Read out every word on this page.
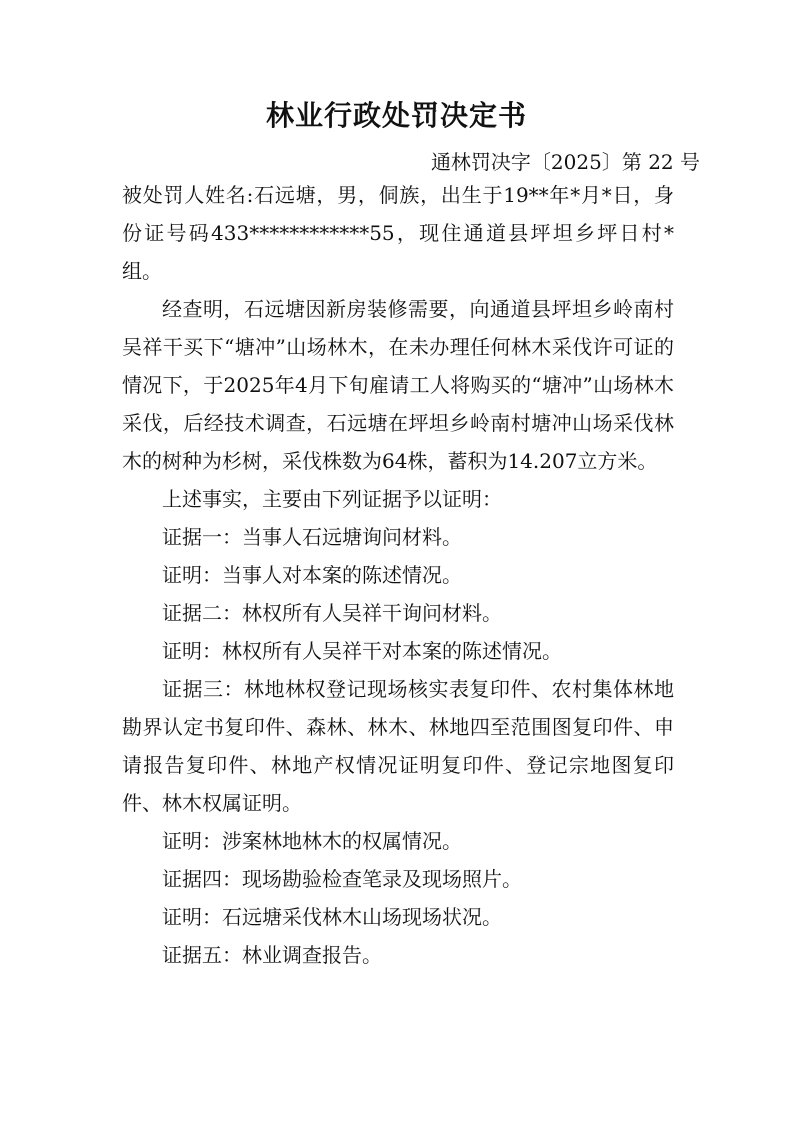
林业行政处罚决定书
通林罚决字〔2025〕第 22 号

被处罚人姓名:石远塘，男，侗族，出生于19**年*月*日，身份证号码433************55，现住通道县坪坦乡坪日村*组。

经查明，石远塘因新房装修需要，向通道县坪坦乡岭南村吴祥干买下“塘冲”山场林木，在未办理任何林木采伐许可证的情况下，于2025年4月下旬雇请工人将购买的“塘冲”山场林木采伐，后经技术调查，石远塘在坪坦乡岭南村塘冲山场采伐林木的树种为杉树，采伐株数为64株，蓄积为14.207立方米。

上述事实，主要由下列证据予以证明：

证据一：当事人石远塘询问材料。

证明：当事人对本案的陈述情况。

证据二：林权所有人吴祥干询问材料。

证明：林权所有人吴祥干对本案的陈述情况。

证据三：林地林权登记现场核实表复印件、农村集体林地勘界认定书复印件、森林、林木、林地四至范围图复印件、申请报告复印件、林地产权情况证明复印件、登记宗地图复印件、林木权属证明。

证明：涉案林地林木的权属情况。

证据四：现场勘验检查笔录及现场照片。

证明：石远塘采伐林木山场现场状况。

证据五：林业调查报告。
